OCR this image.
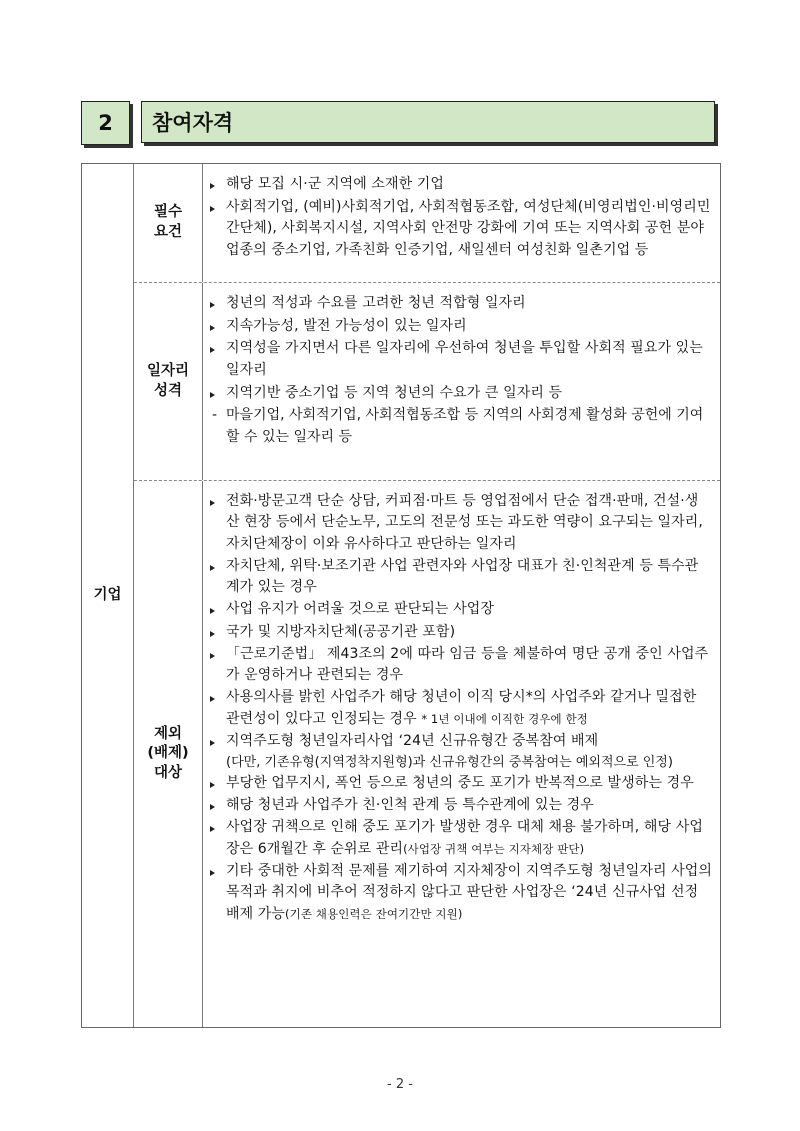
2	참여자격
기업
필수
요건
해당 모집 시·군 지역에 소재한 기업
사회적기업, (예비)사회적기업, 사회적협동조합, 여성단체(비영리법인·비영리민간단체), 사회복지시설, 지역사회 안전망 강화에 기여 또는 지역사회 공헌 분야 업종의 중소기업, 가족친화 인증기업, 새일센터 여성친화 일촌기업 등
일자리
성격
청년의 적성과 수요를 고려한 청년 적합형 일자리
지속가능성, 발전 가능성이 있는 일자리
지역성을 가지면서 다른 일자리에 우선하여 청년을 투입할 사회적 필요가 있는 일자리
지역기반 중소기업 등 지역 청년의 수요가 큰 일자리 등
- 마을기업, 사회적기업, 사회적협동조합 등 지역의 사회경제 활성화 공헌에 기여할 수 있는 일자리 등
제외
(배제)
대상
전화·방문고객 단순 상담, 커피점·마트 등 영업점에서 단순 접객·판매, 건설·생산 현장 등에서 단순노무, 고도의 전문성 또는 과도한 역량이 요구되는 일자리, 자치단체장이 이와 유사하다고 판단하는 일자리
자치단체, 위탁·보조기관 사업 관련자와 사업장 대표가 친·인척관계 등 특수관계가 있는 경우
사업 유지가 어려울 것으로 판단되는 사업장
국가 및 지방자치단체(공공기관 포함)
「근로기준법」 제43조의 2에 따라 임금 등을 체불하여 명단 공개 중인 사업주가 운영하거나 관련되는 경우
사용의사를 밝힌 사업주가 해당 청년이 이직 당시*의 사업주와 같거나 밀접한 관련성이 있다고 인정되는 경우 * 1년 이내에 이직한 경우에 한정
지역주도형 청년일자리사업 ‘24년 신규유형간 중복참여 배제
(다만, 기존유형(지역정착지원형)과 신규유형간의 중복참여는 예외적으로 인정)
부당한 업무지시, 폭언 등으로 청년의 중도 포기가 반복적으로 발생하는 경우
해당 청년과 사업주가 친·인척 관계 등 특수관계에 있는 경우
사업장 귀책으로 인해 중도 포기가 발생한 경우 대체 채용 불가하며, 해당 사업장은 6개월간 후 순위로 관리(사업장 귀책 여부는 지자체장 판단)
기타 중대한 사회적 문제를 제기하여 지자체장이 지역주도형 청년일자리 사업의 목적과 취지에 비추어 적정하지 않다고 판단한 사업장은 ‘24년 신규사업 선정 배제 가능(기존 채용인력은 잔여기간만 지원)
- 2 -
